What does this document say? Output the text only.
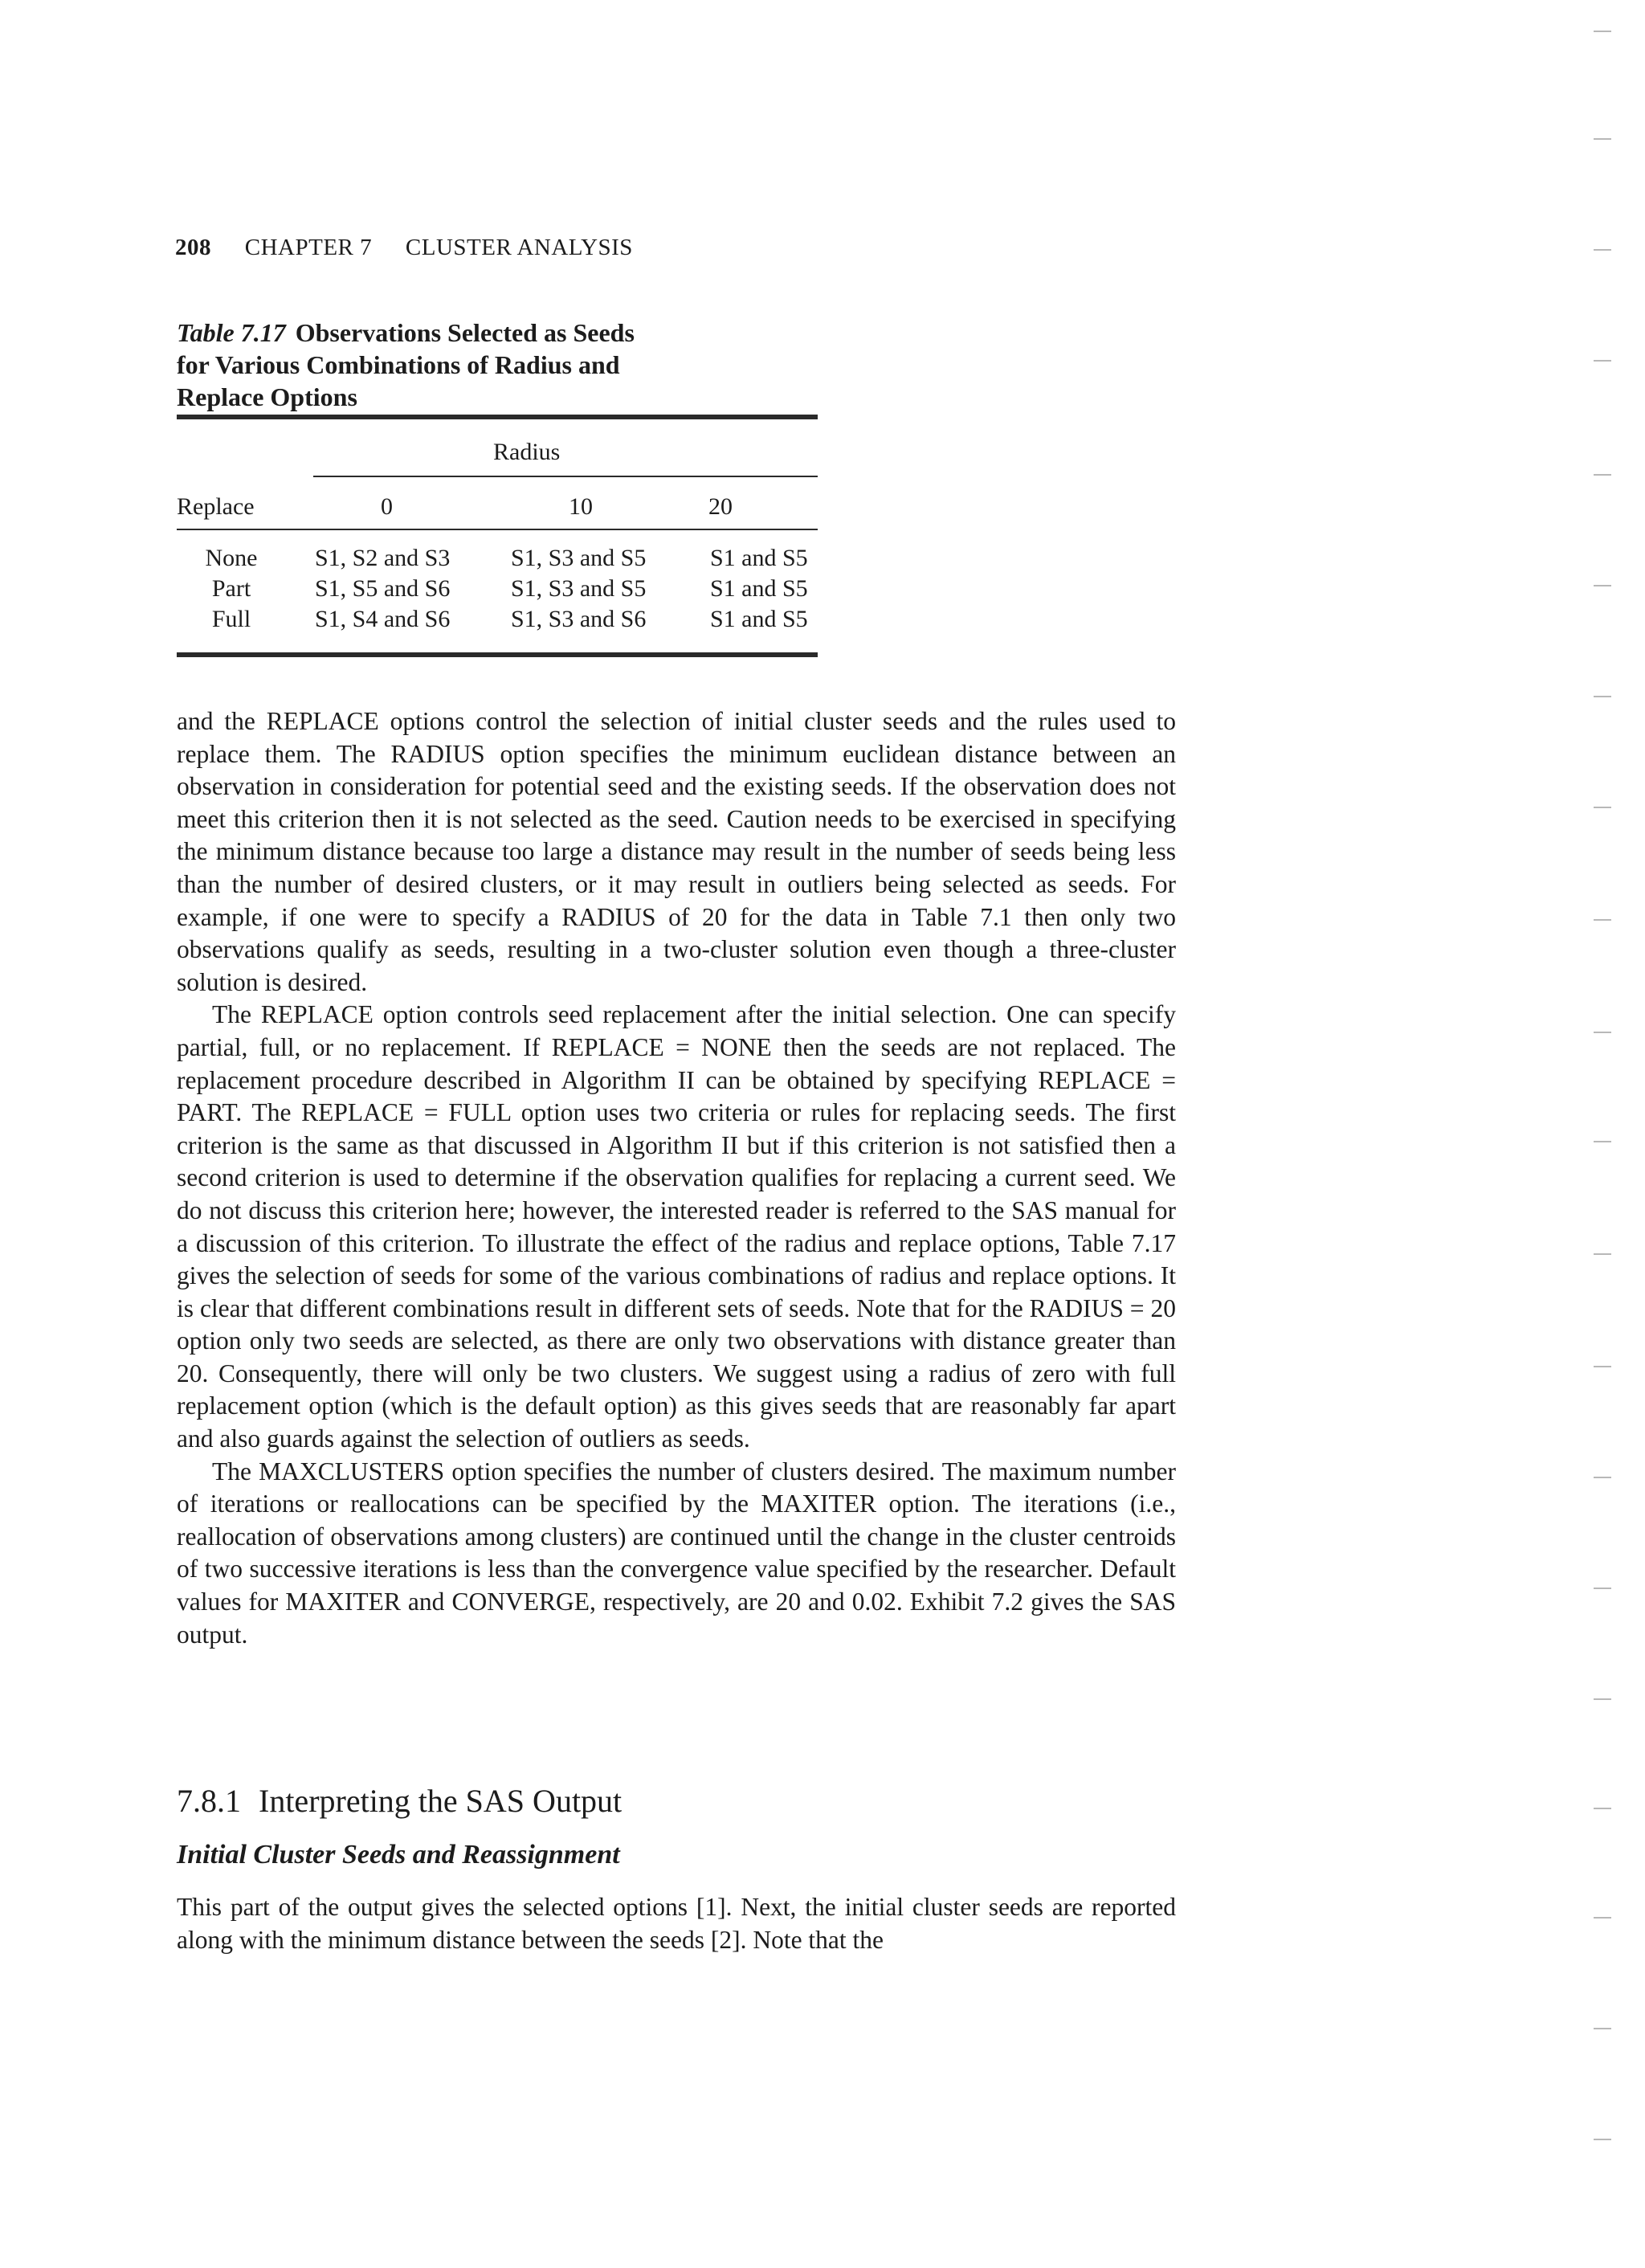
208 CHAPTER 7 CLUSTER ANALYSIS
Table 7.17 Observations Selected as Seeds
for Various Combinations of Radius and
Replace Options
Radius
Replace	0	10	20
None	S1, S2 and S3	S1, S3 and S5	S1 and S5
Part	S1, S5 and S6	S1, S3 and S5	S1 and S5
Full	S1, S4 and S6	S1, S3 and S6	S1 and S5

and the REPLACE options control the selection of initial cluster seeds and the rules used to replace them. The RADIUS option specifies the minimum euclidean distance between an observation in consideration for potential seed and the existing seeds. If the observation does not meet this criterion then it is not selected as the seed. Caution needs to be exercised in specifying the minimum distance because too large a distance may result in the number of seeds being less than the number of desired clusters, or it may result in outliers being selected as seeds. For example, if one were to specify a RADIUS of 20 for the data in Table 7.1 then only two observations qualify as seeds, resulting in a two-cluster solution even though a three-cluster solution is desired.

The REPLACE option controls seed replacement after the initial selection. One can specify partial, full, or no replacement. If REPLACE = NONE then the seeds are not replaced. The replacement procedure described in Algorithm II can be obtained by specifying REPLACE = PART. The REPLACE = FULL option uses two criteria or rules for replacing seeds. The first criterion is the same as that discussed in Algorithm II but if this criterion is not satisfied then a second criterion is used to determine if the observation qualifies for replacing a current seed. We do not discuss this criterion here; however, the interested reader is referred to the SAS manual for a discussion of this criterion. To illustrate the effect of the radius and replace options, Table 7.17 gives the selection of seeds for some of the various combinations of radius and replace options. It is clear that different combinations result in different sets of seeds. Note that for the RADIUS = 20 option only two seeds are selected, as there are only two observations with distance greater than 20. Consequently, there will only be two clusters. We suggest using a radius of zero with full replacement option (which is the default option) as this gives seeds that are reasonably far apart and also guards against the selection of outliers as seeds.

The MAXCLUSTERS option specifies the number of clusters desired. The maximum number of iterations or reallocations can be specified by the MAXITER option. The iterations (i.e., reallocation of observations among clusters) are continued until the change in the cluster centroids of two successive iterations is less than the convergence value specified by the researcher. Default values for MAXITER and CONVERGE, respectively, are 20 and 0.02. Exhibit 7.2 gives the SAS output.

7.8.1 Interpreting the SAS Output
Initial Cluster Seeds and Reassignment

This part of the output gives the selected options [1]. Next, the initial cluster seeds are reported along with the minimum distance between the seeds [2]. Note that the
